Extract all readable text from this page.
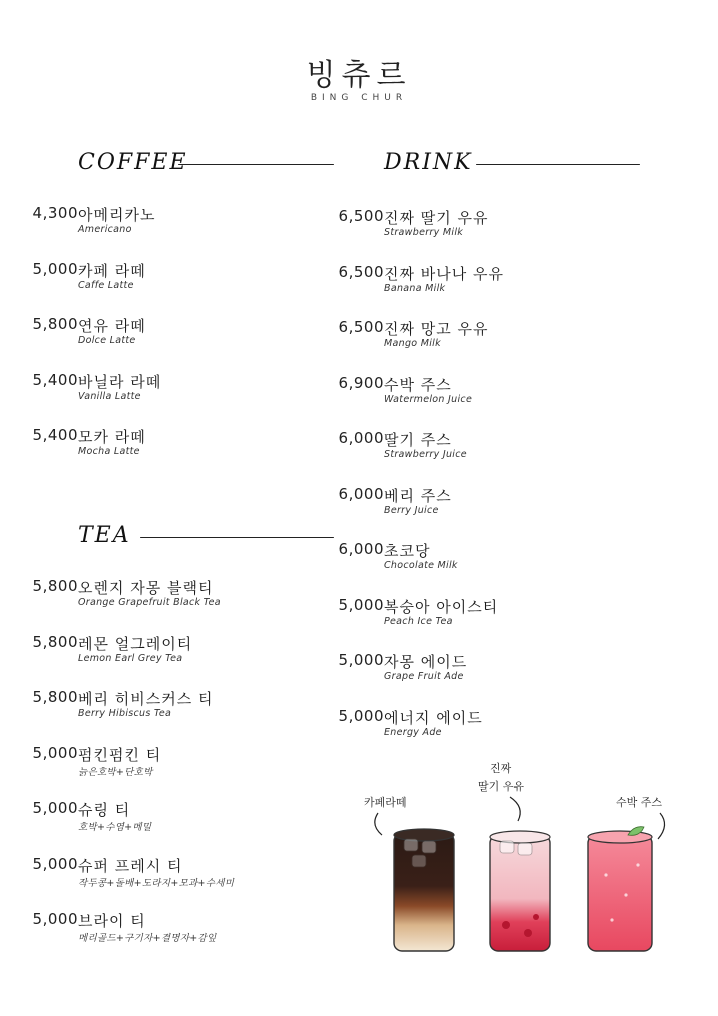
빙츄르
BING CHUR
COFFEE
아메리카노
Americano
4,300
카페 라떼
Caffe Latte
5,000
연유 라떼
Dolce Latte
5,800
바닐라 라떼
Vanilla Latte
5,400
모카 라떼
Mocha Latte
5,400
TEA
오렌지 자몽 블랙티
Orange Grapefruit Black Tea
5,800
레몬 얼그레이티
Lemon Earl Grey Tea
5,800
베리 히비스커스 티
Berry Hibiscus Tea
5,800
펌킨펌킨 티
늙은호박+단호박
5,000
슈링 티
호박+수염+메밀
5,000
슈퍼 프레시 티
작두콩+돌배+도라지+모과+수세미
5,000
브라이 티
메리골드+구기자+결명자+감잎
5,000
DRINK
진짜 딸기 우유
Strawberry Milk
6,500
진짜 바나나 우유
Banana Milk
6,500
진짜 망고 우유
Mango Milk
6,500
수박 주스
Watermelon Juice
6,900
딸기 주스
Strawberry Juice
6,000
베리 주스
Berry Juice
6,000
초코당
Chocolate Milk
6,000
복숭아 아이스티
Peach Ice Tea
5,000
자몽 에이드
Grape Fruit Ade
5,000
에너지 에이드
Energy Ade
5,000
카페라떼
진짜
딸기 우유
수박 주스
